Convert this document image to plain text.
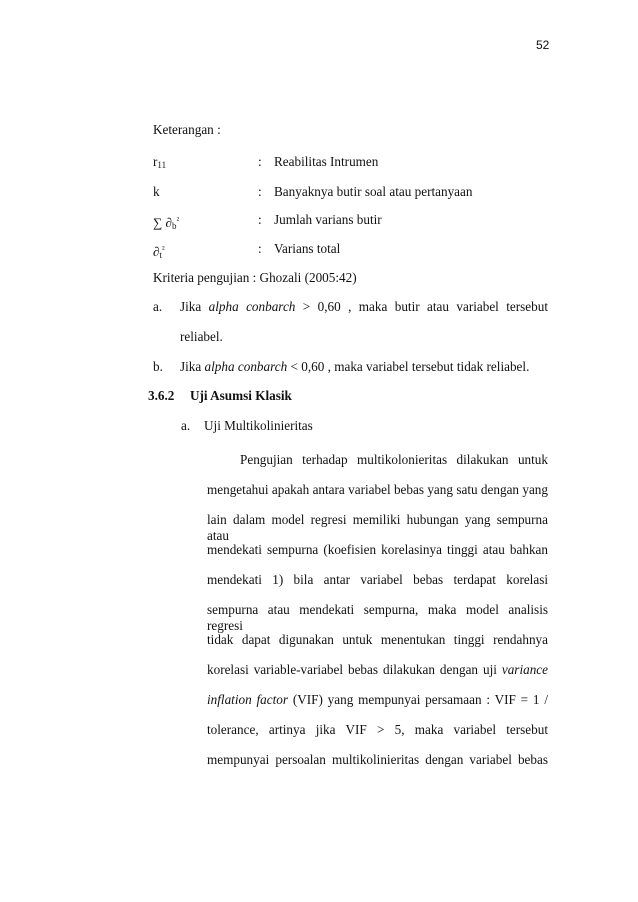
52
Keterangan :
$r_{11}$	: Reabilitas Intrumen
k	: Banyaknya butir soal atau pertanyaan
∑ $\partial_b^{^2}$	: Jumlah varians butir
$\partial_t^{^2}$	: Varians total
Kriteria pengujian : Ghozali (2005:42)
a. Jika alpha conbarch > 0,60 , maka butir atau variabel tersebut
reliabel.
b. Jika alpha conbarch < 0,60 , maka variabel tersebut tidak reliabel.
3.6.2 Uji Asumsi Klasik
a. Uji Multikolinieritas
Pengujian terhadap multikolonieritas dilakukan untuk
mengetahui apakah antara variabel bebas yang satu dengan yang
lain dalam model regresi memiliki hubungan yang sempurna atau
mendekati sempurna (koefisien korelasinya tinggi atau bahkan
mendekati 1) bila antar variabel bebas terdapat korelasi
sempurna atau mendekati sempurna, maka model analisis regresi
tidak dapat digunakan untuk menentukan tinggi rendahnya
korelasi variable-variabel bebas dilakukan dengan uji variance
inflation factor (VIF) yang mempunyai persamaan : VIF = 1 /
tolerance, artinya jika VIF > 5, maka variabel tersebut
mempunyai persoalan multikolinieritas dengan variabel bebas
